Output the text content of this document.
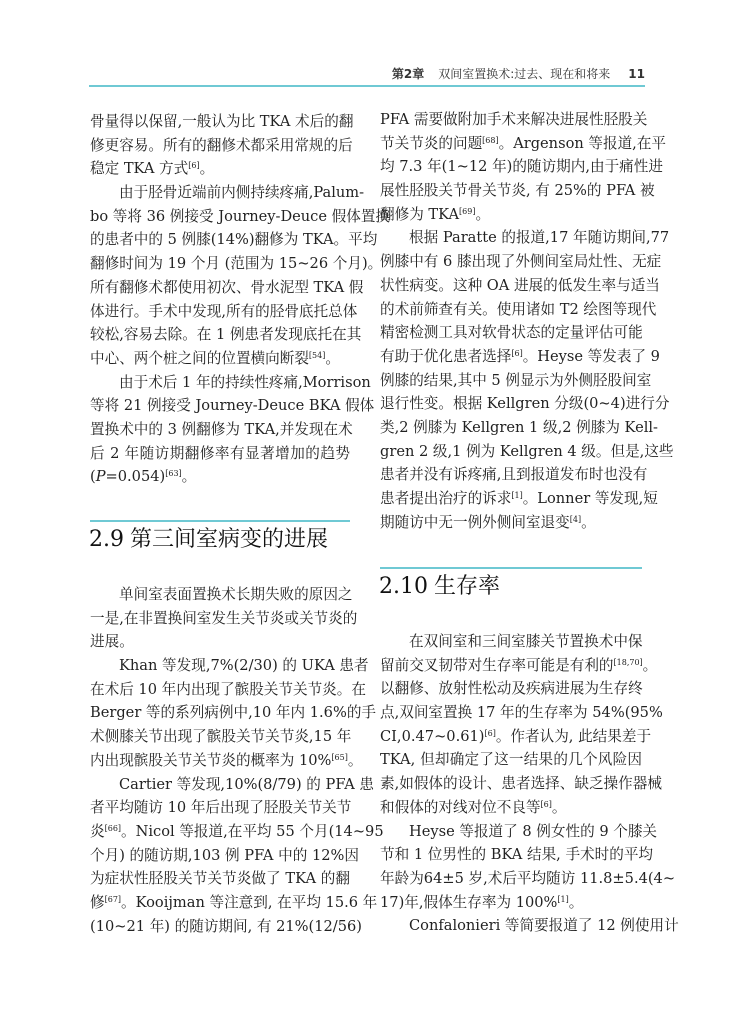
第2章 双间室置换术:过去、现在和将来 11
骨量得以保留,一般认为比 TKA 术后的翻
修更容易。所有的翻修术都采用常规的后
稳定 TKA 方式[6]。
由于胫骨近端前内侧持续疼痛,Palum-
bo 等将 36 例接受 Journey-Deuce 假体置换
的患者中的 5 例膝(14%)翻修为 TKA。平均
翻修时间为 19 个月 (范围为 15~26 个月)。
所有翻修术都使用初次、骨水泥型 TKA 假
体进行。手术中发现,所有的胫骨底托总体
较松,容易去除。在 1 例患者发现底托在其
中心、两个桩之间的位置横向断裂[54]。
由于术后 1 年的持续性疼痛,Morrison
等将 21 例接受 Journey-Deuce BKA 假体
置换术中的 3 例翻修为 TKA,并发现在术
后 2 年随访期翻修率有显著增加的趋势
(P=0.054)[63]。
2.9 第三间室病变的进展
单间室表面置换术长期失败的原因之
一是,在非置换间室发生关节炎或关节炎的
进展。
Khan 等发现,7%(2/30) 的 UKA 患者
在术后 10 年内出现了髌股关节关节炎。在
Berger 等的系列病例中,10 年内 1.6%的手
术侧膝关节出现了髌股关节关节炎,15 年
内出现髌股关节关节炎的概率为 10%[65]。
Cartier 等发现,10%(8/79) 的 PFA 患
者平均随访 10 年后出现了胫股关节关节
炎[66]。Nicol 等报道,在平均 55 个月(14~95
个月) 的随访期,103 例 PFA 中的 12%因
为症状性胫股关节关节炎做了 TKA 的翻
修[67]。Kooijman 等注意到, 在平均 15.6 年
(10~21 年) 的随访期间, 有 21%(12/56)
PFA 需要做附加手术来解决进展性胫股关
节关节炎的问题[68]。Argenson 等报道,在平
均 7.3 年(1~12 年)的随访期内,由于痛性进
展性胫股关节骨关节炎, 有 25%的 PFA 被
翻修为 TKA[69]。
根据 Paratte 的报道,17 年随访期间,77
例膝中有 6 膝出现了外侧间室局灶性、无症
状性病变。这种 OA 进展的低发生率与适当
的术前筛查有关。使用诸如 T2 绘图等现代
精密检测工具对软骨状态的定量评估可能
有助于优化患者选择[6]。Heyse 等发表了 9
例膝的结果,其中 5 例显示为外侧胫股间室
退行性变。根据 Kellgren 分级(0~4)进行分
类,2 例膝为 Kellgren 1 级,2 例膝为 Kell-
gren 2 级,1 例为 Kellgren 4 级。但是,这些
患者并没有诉疼痛,且到报道发布时也没有
患者提出治疗的诉求[1]。Lonner 等发现,短
期随访中无一例外侧间室退变[4]。
2.10 生存率
在双间室和三间室膝关节置换术中保
留前交叉韧带对生存率可能是有利的[18,70]。
以翻修、放射性松动及疾病进展为生存终
点,双间室置换 17 年的生存率为 54%(95%
CI,0.47~0.61)[6]。作者认为, 此结果差于
TKA, 但却确定了这一结果的几个风险因
素,如假体的设计、患者选择、缺乏操作器械
和假体的对线对位不良等[6]。
Heyse 等报道了 8 例女性的 9 个膝关
节和 1 位男性的 BKA 结果, 手术时的平均
年龄为64±5 岁,术后平均随访 11.8±5.4(4~
17)年,假体生存率为 100%[1]。
Confalonieri 等简要报道了 12 例使用计
